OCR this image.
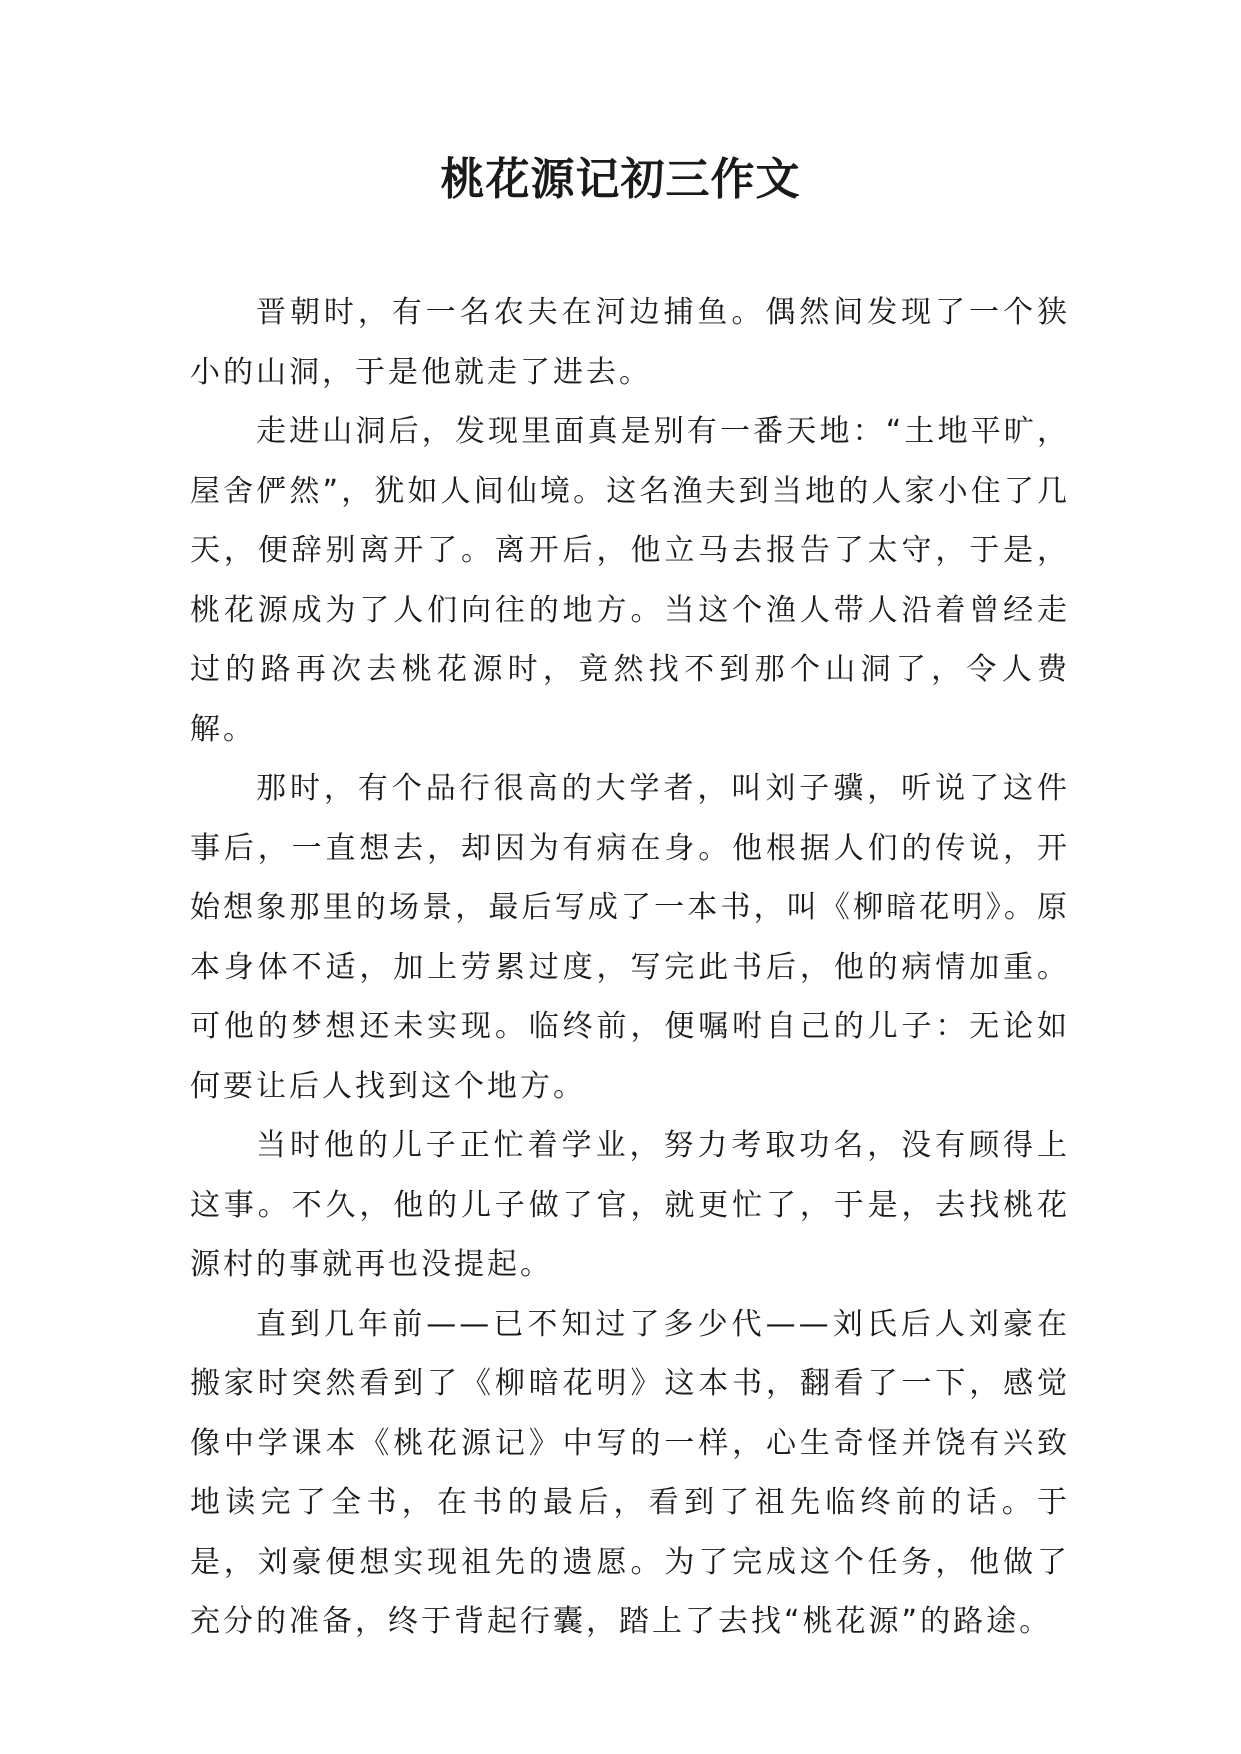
桃花源记初三作文

晋朝时，有一名农夫在河边捕鱼。偶然间发现了一个狭小的山洞，于是他就走了进去。

走进山洞后，发现里面真是别有一番天地：“土地平旷，屋舍俨然”，犹如人间仙境。这名渔夫到当地的人家小住了几天，便辞别离开了。离开后，他立马去报告了太守，于是，桃花源成为了人们向往的地方。当这个渔人带人沿着曾经走过的路再次去桃花源时，竟然找不到那个山洞了，令人费解。

那时，有个品行很高的大学者，叫刘子骥，听说了这件事后，一直想去，却因为有病在身。他根据人们的传说，开始想象那里的场景，最后写成了一本书，叫《柳暗花明》。原本身体不适，加上劳累过度，写完此书后，他的病情加重。可他的梦想还未实现。临终前，便嘱咐自己的儿子：无论如何要让后人找到这个地方。

当时他的儿子正忙着学业，努力考取功名，没有顾得上这事。不久，他的儿子做了官，就更忙了，于是，去找桃花源村的事就再也没提起。

直到几年前——已不知过了多少代——刘氏后人刘豪在搬家时突然看到了《柳暗花明》这本书，翻看了一下，感觉像中学课本《桃花源记》中写的一样，心生奇怪并饶有兴致地读完了全书，在书的最后，看到了祖先临终前的话。于是，刘豪便想实现祖先的遗愿。为了完成这个任务，他做了充分的准备，终于背起行囊，踏上了去找“桃花源”的路途。
